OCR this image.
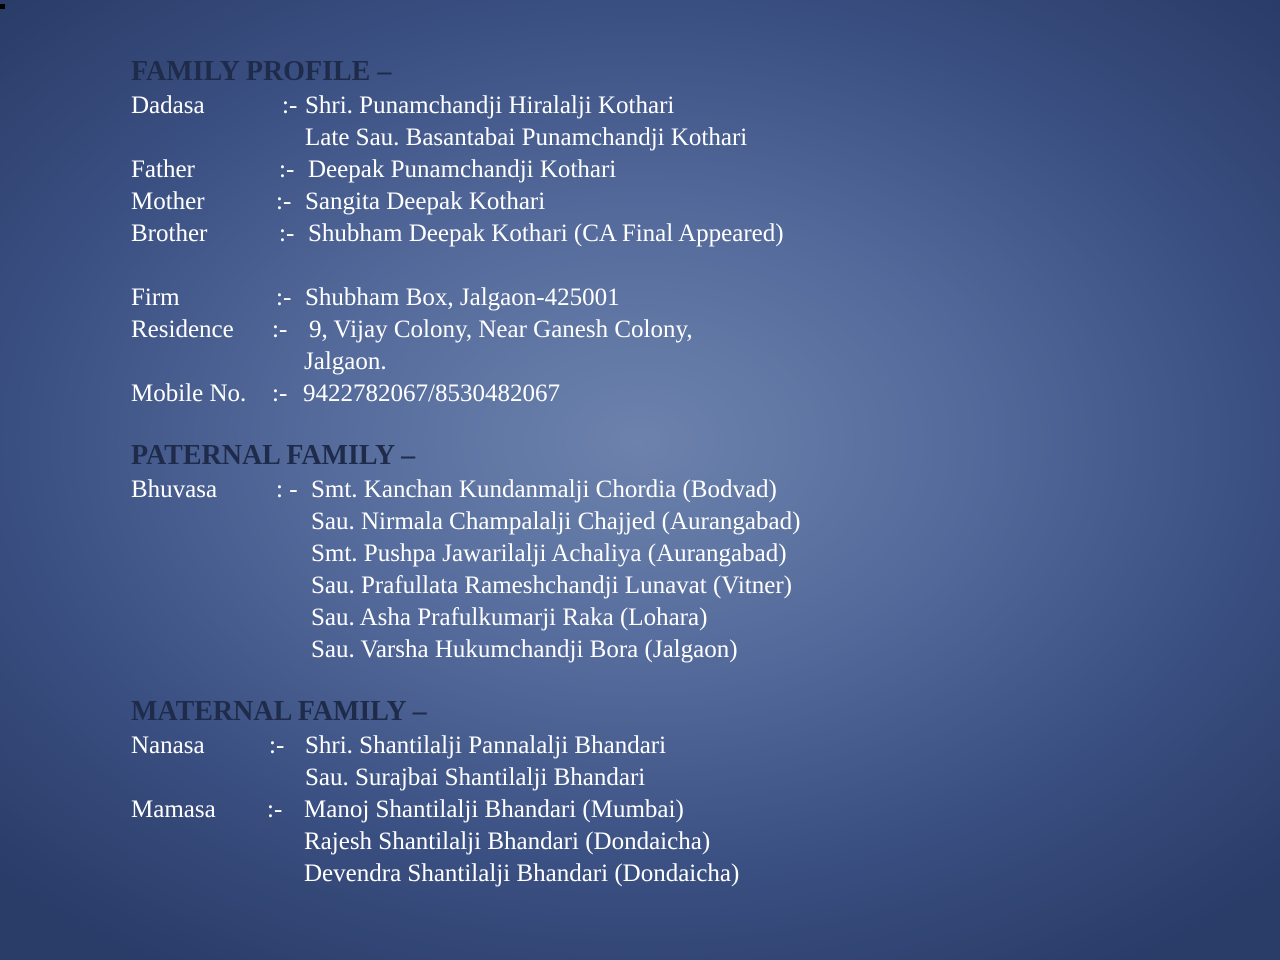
FAMILY PROFILE –
Dadasa	:- Shri. Punamchandji Hiralalji Kothari
Late Sau. Basantabai Punamchandji Kothari
Father	:- Deepak Punamchandji Kothari
Mother	:- Sangita Deepak Kothari
Brother	:- Shubham Deepak Kothari (CA Final Appeared)
Firm	:- Shubham Box, Jalgaon-425001
Residence :- 9, Vijay Colony, Near Ganesh Colony,
Jalgaon.
Mobile No. :- 9422782067/8530482067
PATERNAL FAMILY –
Bhuvasa : - Smt. Kanchan Kundanmalji Chordia (Bodvad)
Sau. Nirmala Champalalji Chajjed (Aurangabad)
Smt. Pushpa Jawarilalji Achaliya (Aurangabad)
Sau. Prafullata Rameshchandji Lunavat (Vitner)
Sau. Asha Prafulkumarji Raka (Lohara)
Sau. Varsha Hukumchandji Bora (Jalgaon)
MATERNAL FAMILY –
Nanasa	:- Shri. Shantilalji Pannalalji Bhandari
Sau. Surajbai Shantilalji Bhandari
Mamasa :- Manoj Shantilalji Bhandari (Mumbai)
Rajesh Shantilalji Bhandari (Dondaicha)
Devendra Shantilalji Bhandari (Dondaicha)
